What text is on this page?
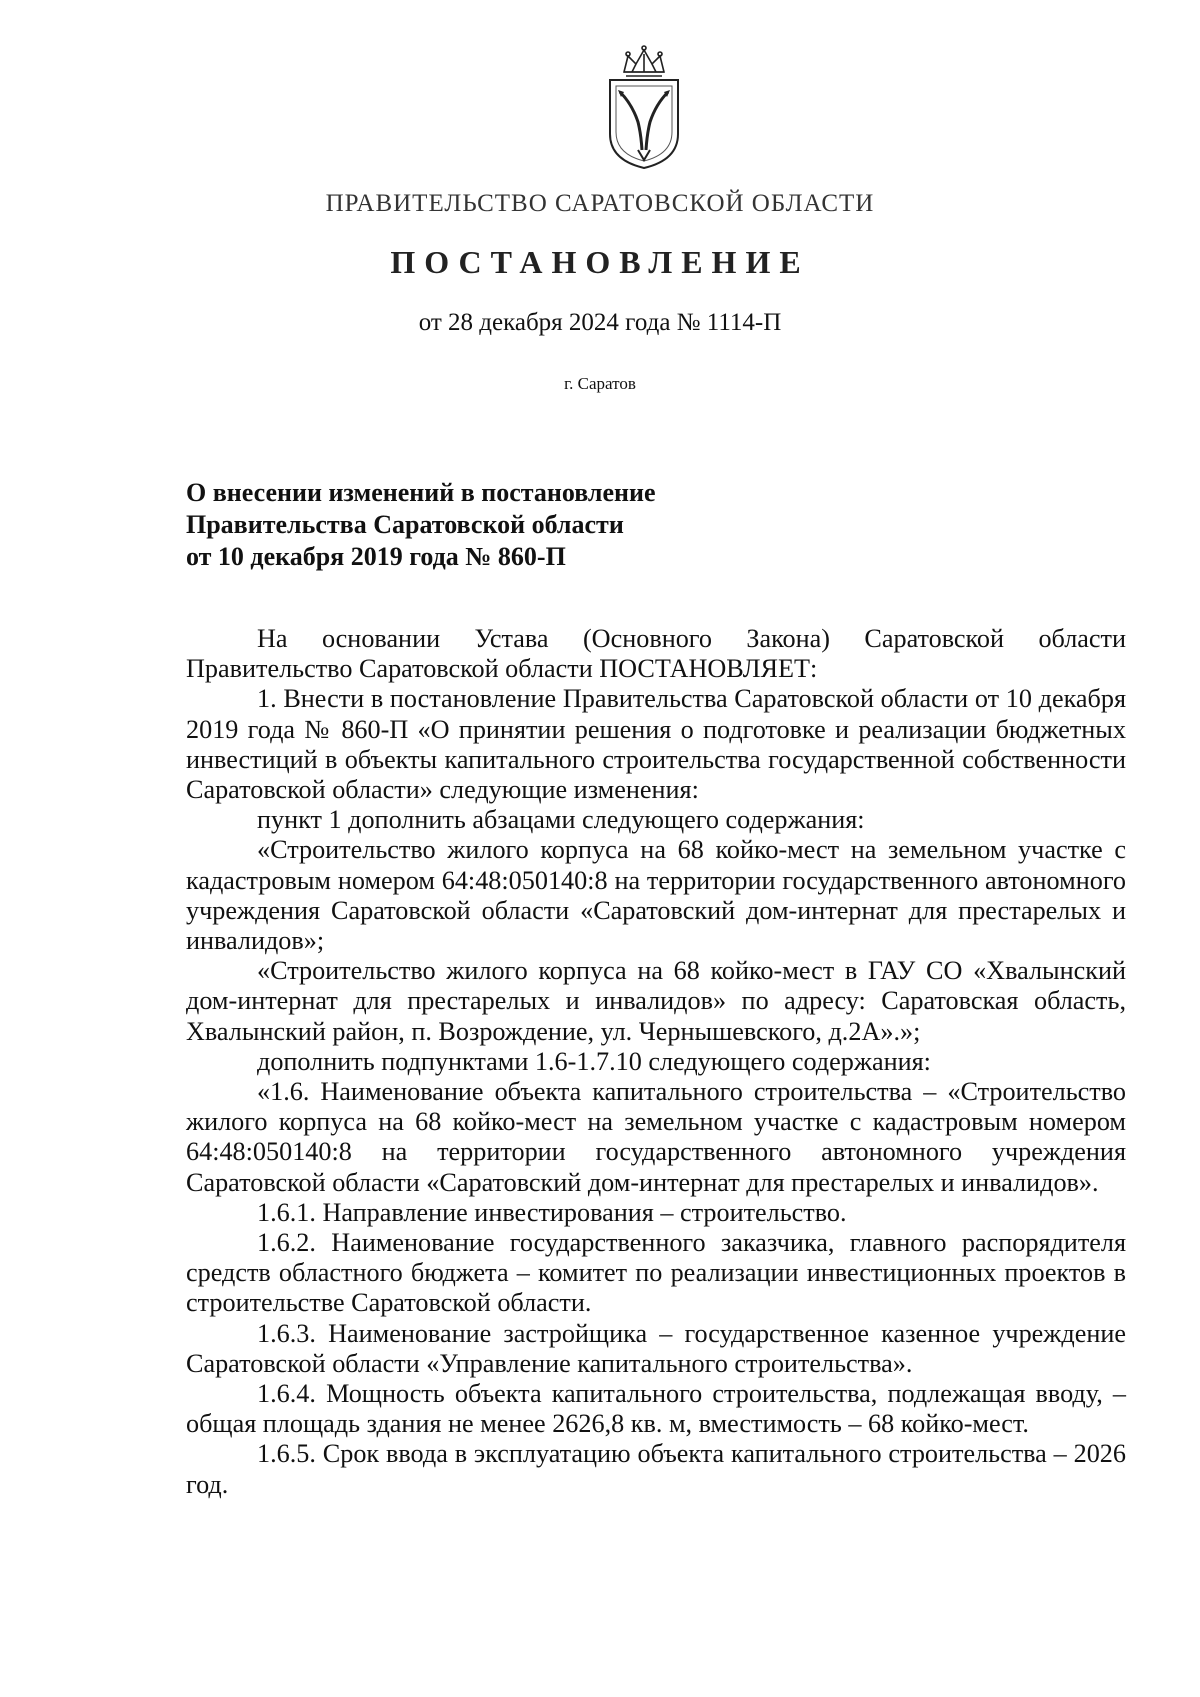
ПРАВИТЕЛЬСТВО САРАТОВСКОЙ ОБЛАСТИ
ПОСТАНОВЛЕНИЕ
от 28 декабря 2024 года № 1114-П
г. Саратов
О внесении изменений в постановление
Правительства Саратовской области
от 10 декабря 2019 года № 860-П

На основании Устава (Основного Закона) Саратовской области Правительство Саратовской области ПОСТАНОВЛЯЕТ:

1. Внести в постановление Правительства Саратовской области от 10 декабря 2019 года № 860-П «О принятии решения о подготовке и реализации бюджетных инвестиций в объекты капитального строительства государственной собственности Саратовской области» следующие изменения:

пункт 1 дополнить абзацами следующего содержания:

«Строительство жилого корпуса на 68 койко-мест на земельном участке с кадастровым номером 64:48:050140:8 на территории государственного автономного учреждения Саратовской области «Саратовский дом-интернат для престарелых и инвалидов»;

«Строительство жилого корпуса на 68 койко-мест в ГАУ СО «Хвалынский дом-интернат для престарелых и инвалидов» по адресу: Саратовская область, Хвалынский район, п. Возрождение, ул. Чернышевского, д.2А».»;

дополнить подпунктами 1.6-1.7.10 следующего содержания:

«1.6. Наименование объекта капитального строительства – «Строительство жилого корпуса на 68 койко-мест на земельном участке с кадастровым номером 64:48:050140:8 на территории государственного автономного учреждения Саратовской области «Саратовский дом-интернат для престарелых и инвалидов».

1.6.1. Направление инвестирования – строительство.

1.6.2. Наименование государственного заказчика, главного распорядителя средств областного бюджета – комитет по реализации инвестиционных проектов в строительстве Саратовской области.

1.6.3. Наименование застройщика – государственное казенное учреждение Саратовской области «Управление капитального строительства».

1.6.4. Мощность объекта капитального строительства, подлежащая вводу, – общая площадь здания не менее 2626,8 кв. м, вместимость – 68 койко-мест.

1.6.5. Срок ввода в эксплуатацию объекта капитального строительства – 2026 год.
